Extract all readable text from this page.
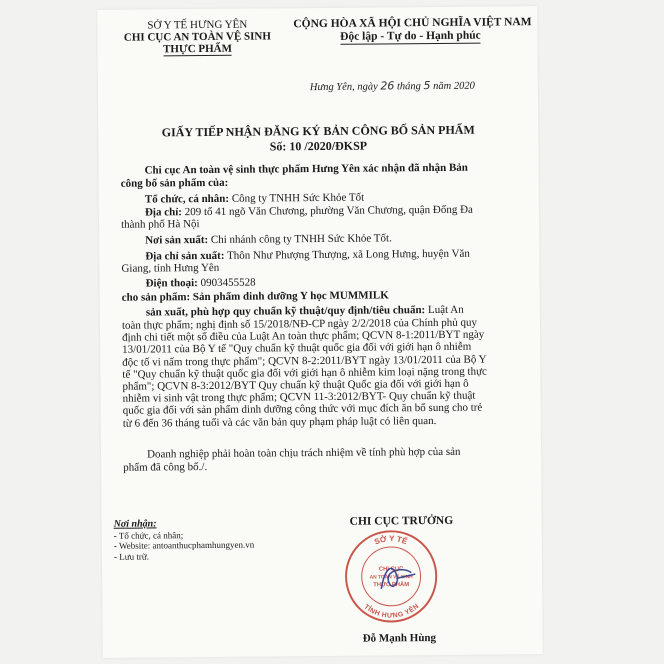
SỞ Y TẾ HƯNG YÊN
CHI CỤC AN TOÀN VỆ SINH
THỰC PHẨM
CỘNG HÒA XÃ HỘI CHỦ NGHĨA VIỆT NAM
Độc lập - Tự do - Hạnh phúc
Hưng Yên, ngày 26 tháng 5 năm 2020
GIẤY TIẾP NHẬN ĐĂNG KÝ BẢN CÔNG BỐ SẢN PHẨM
Số: 10 /2020/ĐKSP
Chi cục An toàn vệ sinh thực phẩm Hưng Yên xác nhận đã nhận Bản
công bố sản phẩm của:
Tổ chức, cá nhân: Công ty TNHH Sức Khỏe Tốt
Địa chỉ: 209 tổ 41 ngõ Văn Chương, phường Văn Chương, quận Đống Đa
thành phố Hà Nội
Nơi sản xuất: Chi nhánh công ty TNHH Sức Khỏe Tốt.
Địa chỉ sản xuất: Thôn Như Phượng Thượng, xã Long Hưng, huyện Văn
Giang, tỉnh Hưng Yên
Điện thoại: 0903455528
cho sản phẩm: Sản phẩm dinh dưỡng Y học MUMMILK
sản xuất, phù hợp quy chuẩn kỹ thuật/quy định/tiêu chuẩn: Luật An
toàn thực phẩm; nghị định số 15/2018/NĐ-CP ngày 2/2/2018 của Chính phủ quy
định chi tiết một số điều của Luật An toàn thực phẩm; QCVN 8-1:2011/BYT ngày
13/01/2011 của Bộ Y tế "Quy chuẩn kỹ thuật quốc gia đối với giới hạn ô nhiễm
độc tố vi nấm trong thực phẩm"; QCVN 8-2:2011/BYT ngày 13/01/2011 của Bộ Y
tế "Quy chuẩn kỹ thuật quốc gia đối với giới hạn ô nhiễm kim loại nặng trong thực
phẩm"; QCVN 8-3:2012/BYT Quy chuẩn kỹ thuật Quốc gia đối với giới hạn ô
nhiễm vi sinh vật trong thực phẩm; QCVN 11-3:2012/BYT- Quy chuẩn kỹ thuật
quốc gia đối với sản phẩm dinh dưỡng công thức với mục đích ăn bổ sung cho trẻ
từ 6 đến 36 tháng tuổi và các văn bản quy phạm pháp luật có liên quan.
Doanh nghiệp phải hoàn toàn chịu trách nhiệm về tính phù hợp của sản
phẩm đã công bố./.
Nơi nhận:
- Tổ chức, cá nhân;
- Website: antoanthucphamhungyen.vn
- Lưu trữ.
CHI CỤC TRƯỞNG
SỞ Y TẾ
TỈNH HƯNG YÊN
CHI CỤC
AN TOÀN VỆ SINH
THỰC PHẨM
Đỗ Mạnh Hùng
